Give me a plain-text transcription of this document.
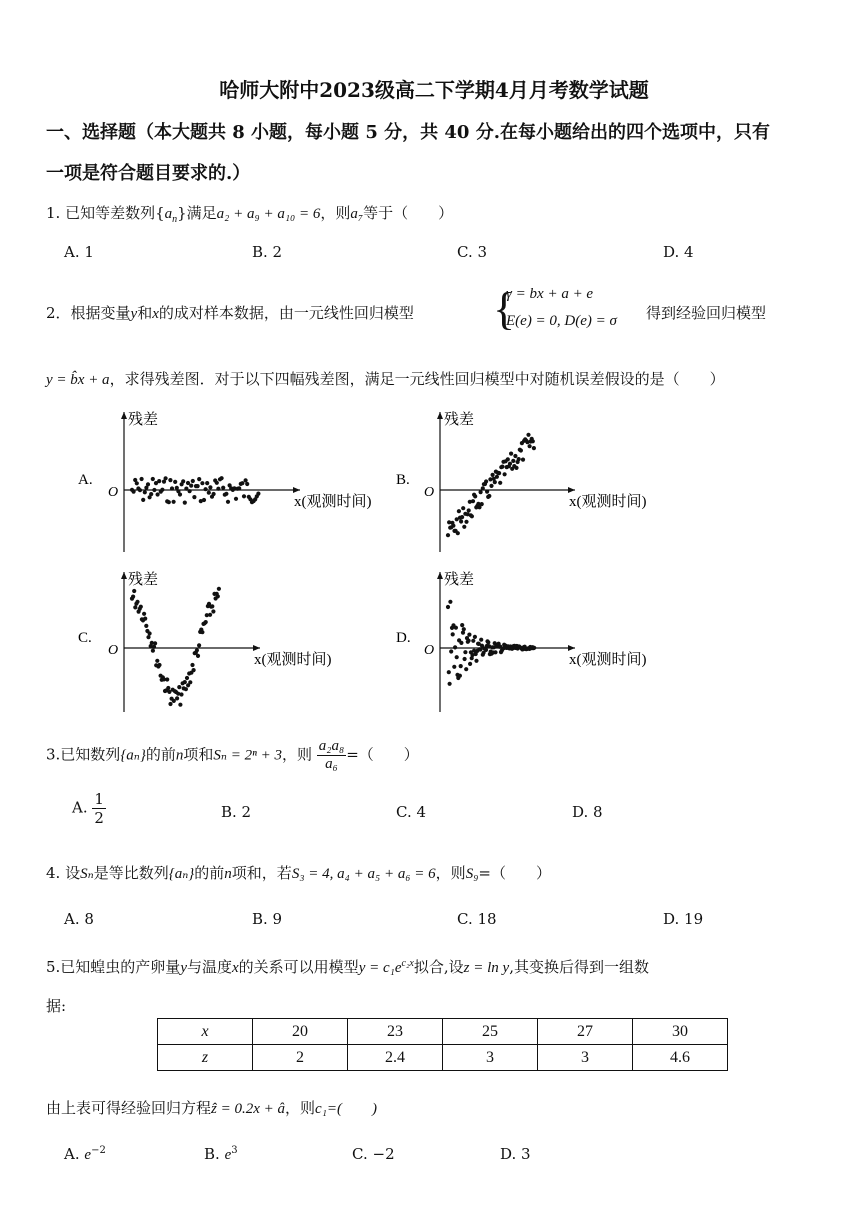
哈师大附中2023级高二下学期4月月考数学试题
一、选择题（本大题共 8 小题，每小题 5 分，共 40 分.在每小题给出的四个选项中，只有
一项是符合题目要求的.）
1. 已知等差数列$\{a_n\}$满足a₂ + a₉ + a₁₀ = 6，则a₇等于（　　）
A. 1	B. 2	C. 3	D. 4
2．根据变量y和x的成对样本数据，由一元线性回归模型 {
γ = bx + a + e
E(e) = 0, D(e) = σ 得到经验回归模型
y = b̂x + a，求得残差图．对于以下四幅残差图，满足一元线性回归模型中对随机误差假设的是（　　）
A.
残差
O
x(观测时间)
B.
残差
O
x(观测时间)
C.
残差
O
x(观测时间)
D.
残差
O
x(观测时间)
3.已知数列{aₙ}的前n项和Sₙ = 2ⁿ + 3，则 $\frac{\text{a₂a₈}}{\text{a₆}}$ =（　　）
A. $\frac{1}{2}$	B. 2	C. 4	D. 8
4. 设Sₙ是等比数列{aₙ}的前n项和，若S₃ = 4, a₄ + a₅ + a₆ = 6，则S₉=（　　）
A. 8	B. 9	C. 18	D. 19
5.已知蝗虫的产卵量y与温度x的关系可以用模型$y = c_1e^{c_2x}$拟合,设z = ln y,其变换后得到一组数
据:
x	20	23	25	27	30
z	2	2.4	3	3	4.6
由上表可得经验回归方程ẑ = 0.2x + â，则c₁=(　　)
A. $e^{-2}$	B. $e^3$	C. −2	D. 3
